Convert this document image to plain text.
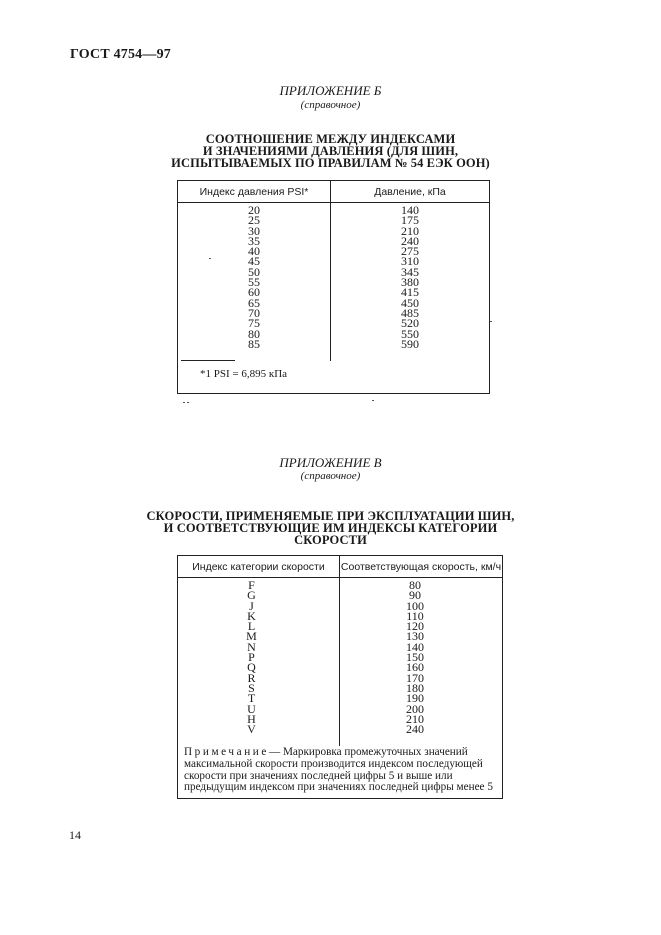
ГОСТ 4754—97
ПРИЛОЖЕНИЕ Б
(справочное)
СООТНОШЕНИЕ МЕЖДУ ИНДЕКСАМИ
И ЗНАЧЕНИЯМИ ДАВЛЕНИЯ (ДЛЯ ШИН,
ИСПЫТЫВАЕМЫХ ПО ПРАВИЛАМ № 54 ЕЭК ООН)
Индекс давления PSI*	Давление, кПа
20
25
30
35
40
45
50
55
60
65
70
75
80
85
140
175
210
240
275
310
345
380
415
450
485
520
550
590
*1 PSI = 6,895 кПа
ПРИЛОЖЕНИЕ В
(справочное)
СКОРОСТИ, ПРИМЕНЯЕМЫЕ ПРИ ЭКСПЛУАТАЦИИ ШИН,
И СООТВЕТСТВУЮЩИЕ ИМ ИНДЕКСЫ КАТЕГОРИИ
СКОРОСТИ
Индекс категории скорости	Соответствующая скорость, км/ч
F
G
J
K
L
M
N
P
Q
R
S
T
U
H
V
80
90
100
110
120
130
140
150
160
170
180
190
200
210
240
Примечание— Маркировка промежуточных значений максимальной скорости производится индексом последующей скорости при значениях последней цифры 5 и выше или предыдущим индексом при значениях последней цифры менее 5
14
